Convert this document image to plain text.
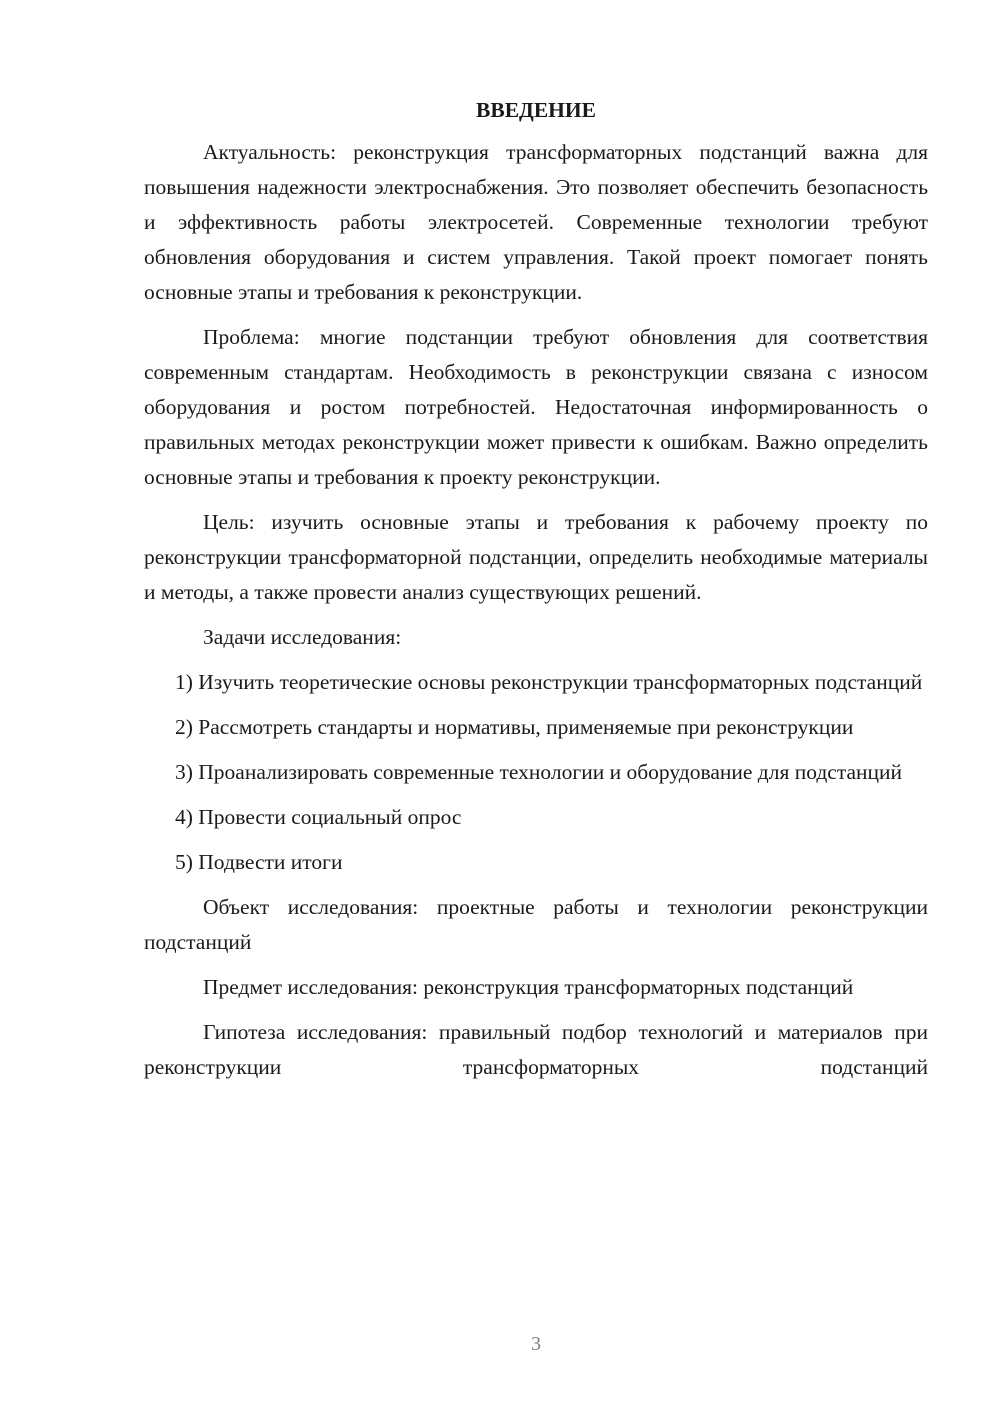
ВВЕДЕНИЕ

Актуальность: реконструкция трансформаторных подстанций важна для повышения надежности электроснабжения. Это позволяет обеспечить безопасность и эффективность работы электросетей. Современные технологии требуют обновления оборудования и систем управления. Такой проект помогает понять основные этапы и требования к реконструкции.

Проблема: многие подстанции требуют обновления для соответствия современным стандартам. Необходимость в реконструкции связана с износом оборудования и ростом потребностей. Недостаточная информированность о правильных методах реконструкции может привести к ошибкам. Важно определить основные этапы и требования к проекту реконструкции.

Цель: изучить основные этапы и требования к рабочему проекту по реконструкции трансформаторной подстанции, определить необходимые материалы и методы, а также провести анализ существующих решений.

Задачи исследования:

1) Изучить теоретические основы реконструкции трансформаторных подстанций

2) Рассмотреть стандарты и нормативы, применяемые при реконструкции

3) Проанализировать современные технологии и оборудование для подстанций

4) Провести социальный опрос

5) Подвести итоги

Объект исследования: проектные работы и технологии реконструкции подстанций

Предмет исследования: реконструкция трансформаторных подстанций

Гипотеза исследования: правильный подбор технологий и материалов при реконструкции трансформаторных подстанций

3
